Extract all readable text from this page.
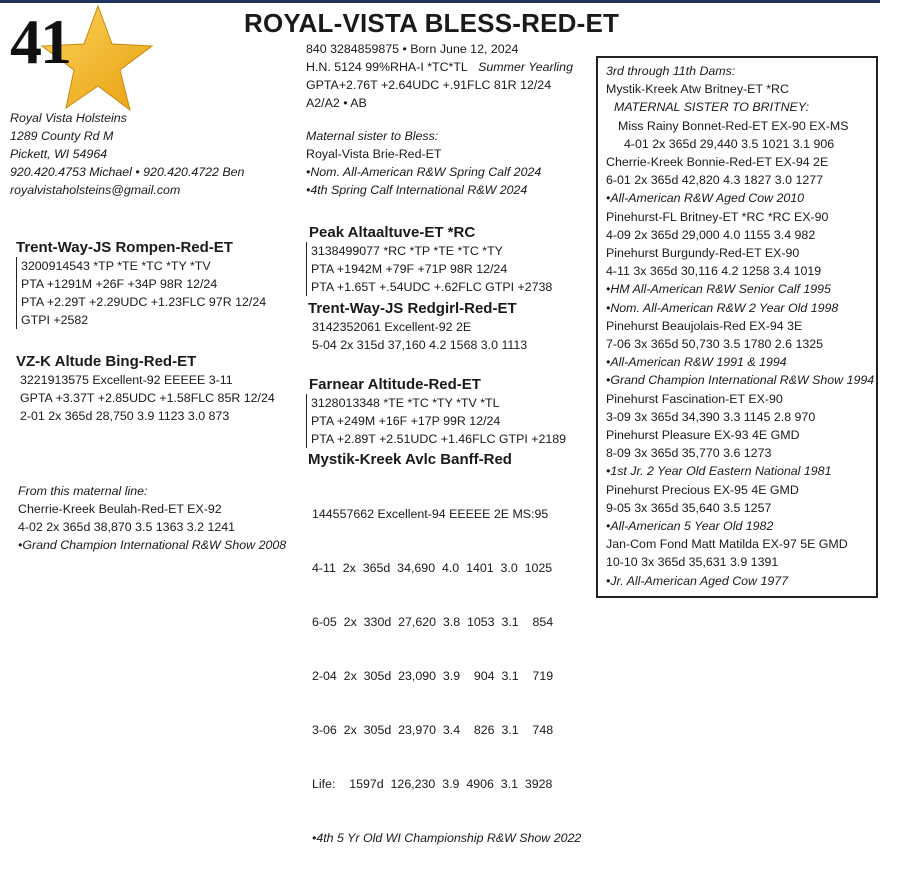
41	ROYAL-VISTA BLESS-RED-ET
Royal Vista Holsteins
1289 County Rd M
Pickett, WI 54964
920.420.4753 Michael • 920.420.4722 Ben
royalvistaholsteins@gmail.com
840 3284859875 • Born June 12, 2024
H.N. 5124 99%RHA-I *TC*TL Summer Yearling
GPTA+2.76T +2.64UDC +.91FLC 81R 12/24
A2/A2 • AB
Maternal sister to Bless:
Royal-Vista Brie-Red-ET
•Nom. All-American R&W Spring Calf 2024
•4th Spring Calf International R&W 2024
Trent-Way-JS Rompen-Red-ET
3200914543 *TP *TE *TC *TY *TV
PTA +1291M +26F +34P 98R 12/24
PTA +2.29T +2.29UDC +1.23FLC 97R 12/24
GTPI +2582
VZ-K Altude Bing-Red-ET
3221913575 Excellent-92 EEEEE 3-11
GPTA +3.37T +2.85UDC +1.58FLC 85R 12/24
2-01 2x 365d 28,750 3.9 1123 3.0 873
From this maternal line:
Cherrie-Kreek Beulah-Red-ET EX-92
4-02 2x 365d 38,870 3.5 1363 3.2 1241
•Grand Champion International R&W Show 2008
Peak Altaaltuve-ET *RC
3138499077 *RC *TP *TE *TC *TY
PTA +1942M +79F +71P 98R 12/24
PTA +1.65T +.54UDC +.62FLC GTPI +2738
Trent-Way-JS Redgirl-Red-ET
3142352061 Excellent-92 2E
5-04 2x 315d 37,160 4.2 1568 3.0 1113
Farnear Altitude-Red-ET
3128013348 *TE *TC *TY *TV *TL
PTA +249M +16F +17P 99R 12/24
PTA +2.89T +2.51UDC +1.46FLC GTPI +2189
Mystik-Kreek Avlc Banff-Red

144557662 Excellent-94 EEEEE 2E MS:95

4-11  2x  365d  34,690  4.0  1401  3.0  1025

6-05  2x  330d  27,620  3.8  1053  3.1    854

2-04  2x  305d  23,090  3.9    904  3.1    719

3-06  2x  305d  23,970  3.4    826  3.1    748

Life:    1597d  126,230  3.9  4906  3.1  3928

•4th 5 Yr Old WI Championship R&W Show 2022

3rd through 11th Dams:
Mystik-Kreek Atw Britney-ET *RC
MATERNAL SISTER TO BRITNEY:
Miss Rainy Bonnet-Red-ET EX-90 EX-MS
4-01 2x 365d 29,440 3.5 1021 3.1 906
Cherrie-Kreek Bonnie-Red-ET EX-94 2E
6-01 2x 365d 42,820 4.3 1827 3.0 1277
•All-American R&W Aged Cow 2010
Pinehurst-FL Britney-ET *RC *RC EX-90
4-09 2x 365d 29,000 4.0 1155 3.4 982
Pinehurst Burgundy-Red-ET EX-90
4-11 3x 365d 30,116 4.2 1258 3.4 1019
•HM All-American R&W Senior Calf 1995
•Nom. All-American R&W 2 Year Old 1998
Pinehurst Beaujolais-Red EX-94 3E
7-06 3x 365d 50,730 3.5 1780 2.6 1325
•All-American R&W 1991 & 1994
•Grand Champion International R&W Show 1994
Pinehurst Fascination-ET EX-90
3-09 3x 365d 34,390 3.3 1145 2.8 970
Pinehurst Pleasure EX-93 4E GMD
8-09 3x 365d 35,770 3.6 1273
•1st Jr. 2 Year Old Eastern National 1981
Pinehurst Precious EX-95 4E GMD
9-05 3x 365d 35,640 3.5 1257
•All-American 5 Year Old 1982
Jan-Com Fond Matt Matilda EX-97 5E GMD
10-10 3x 365d 35,631 3.9 1391
•Jr. All-American Aged Cow 1977
